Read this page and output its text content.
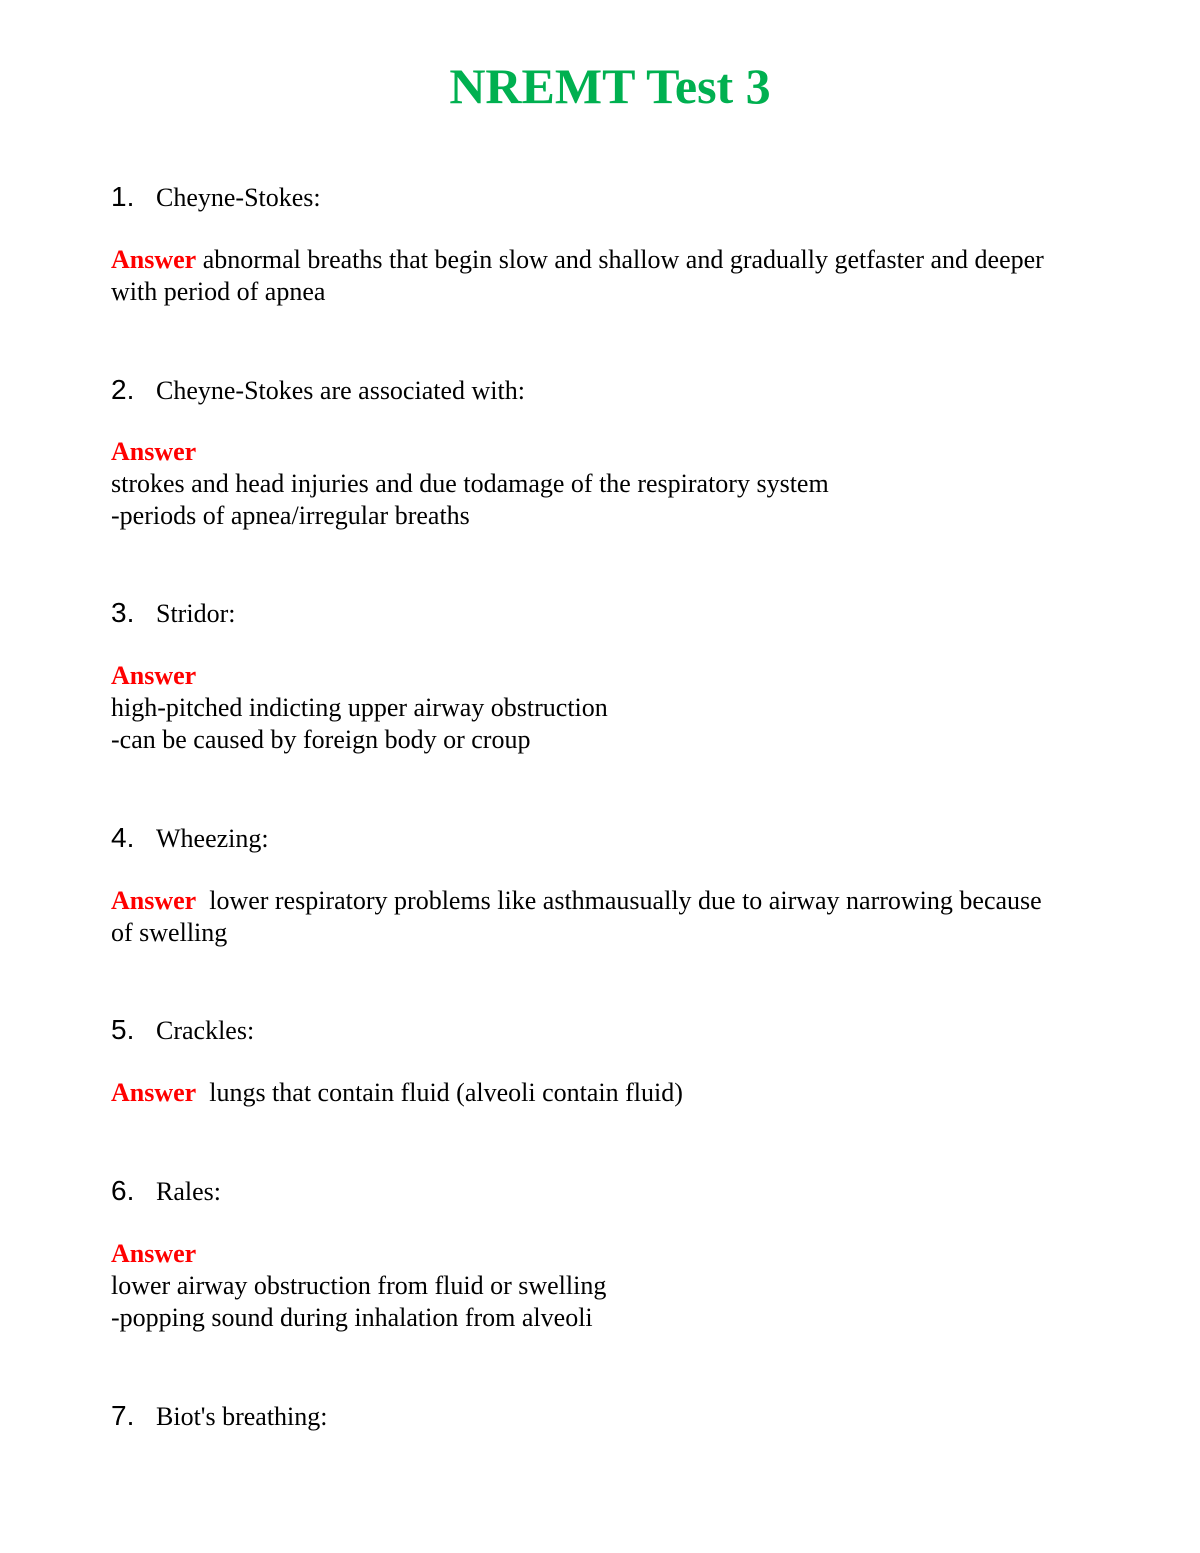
NREMT Test 3
1. Cheyne-Stokes:
Answer abnormal breaths that begin slow and shallow and gradually getfaster and deeper
with period of apnea
2. Cheyne-Stokes are associated with:
Answer
strokes and head injuries and due todamage of the respiratory system
-periods of apnea/irregular breaths
3. Stridor:
Answer
high-pitched indicting upper airway obstruction
-can be caused by foreign body or croup
4. Wheezing:
Answer lower respiratory problems like asthmausually due to airway narrowing because
of swelling
5. Crackles:
Answer lungs that contain fluid (alveoli contain fluid)
6. Rales:
Answer
lower airway obstruction from fluid or swelling
-popping sound during inhalation from alveoli
7. Biot's breathing:
